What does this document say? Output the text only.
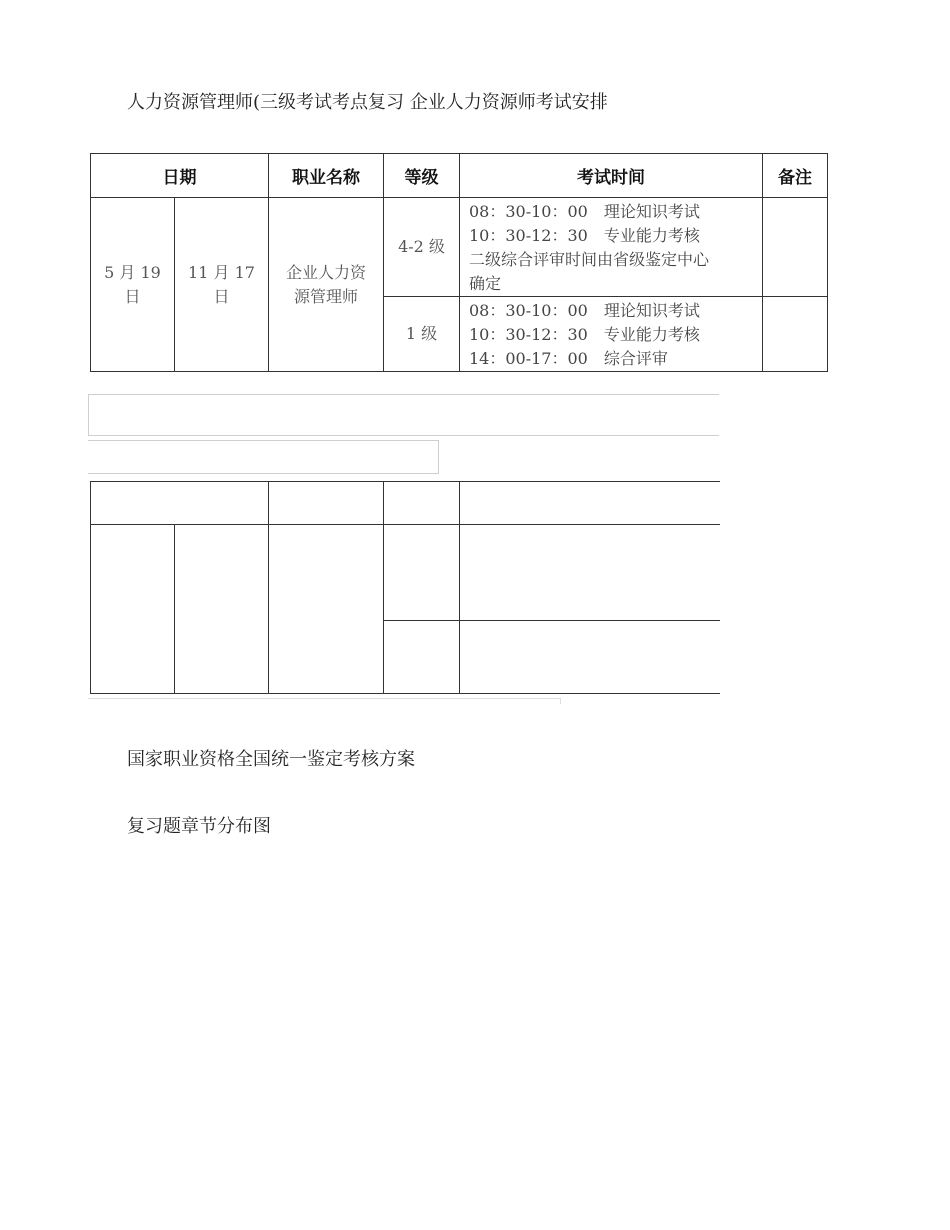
人力资源管理师(三级考试考点复习 企业人力资源师考试安排
日期		职业名称	等级	考试时间	备注
5 月 19 日	11 月 17 日	企业人力资源管理师	4-2 级	08：30-10：00　理论知识考试
10：30-12：30　专业能力考核
二级综合评审时间由省级鉴定中心
确定	

			1 级	08：30-10：00　理论知识考试
10：30-12：30　专业能力考核
14：00-17：00　综合评审	

国家职业资格全国统一鉴定考核方案
复习题章节分布图
